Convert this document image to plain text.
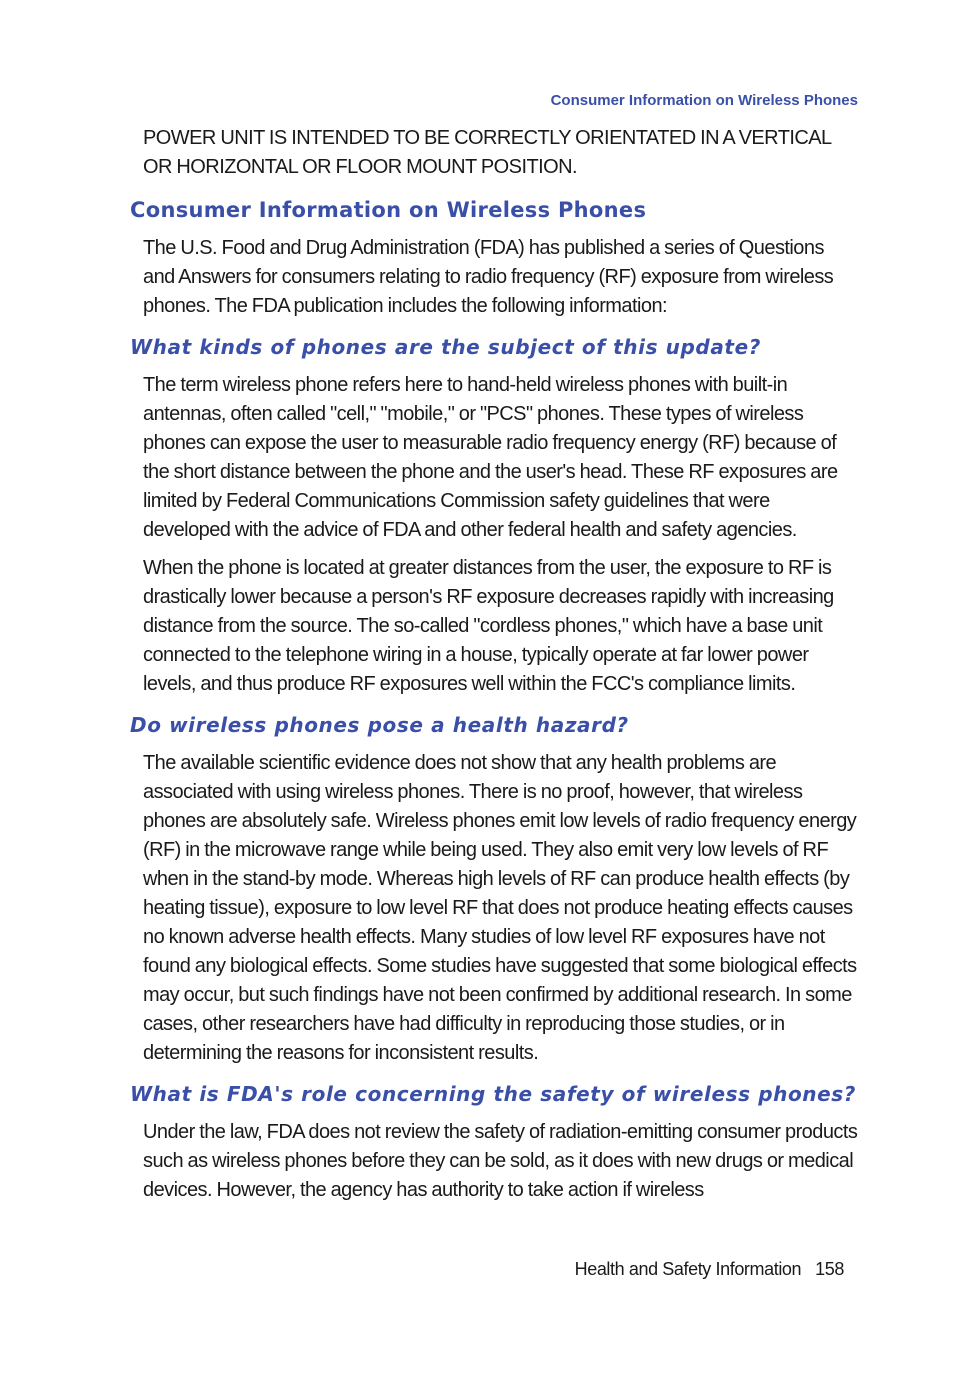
Consumer Information on Wireless Phones

POWER UNIT IS INTENDED TO BE CORRECTLY ORIENTATED IN A VERTICAL OR HORIZONTAL OR FLOOR MOUNT POSITION.

Consumer Information on Wireless Phones

The U.S. Food and Drug Administration (FDA) has published a series of Questions and Answers for consumers relating to radio frequency (RF) exposure from wireless phones. The FDA publication includes the following information:

What kinds of phones are the subject of this update?

The term wireless phone refers here to hand-held wireless phones with built-in antennas, often called "cell," "mobile," or "PCS" phones. These types of wireless phones can expose the user to measurable radio frequency energy (RF) because of the short distance between the phone and the user's head. These RF exposures are limited by Federal Communications Commission safety guidelines that were developed with the advice of FDA and other federal health and safety agencies.

When the phone is located at greater distances from the user, the exposure to RF is drastically lower because a person's RF exposure decreases rapidly with increasing distance from the source. The so-called "cordless phones," which have a base unit connected to the telephone wiring in a house, typically operate at far lower power levels, and thus produce RF exposures well within the FCC's compliance limits.

Do wireless phones pose a health hazard?

The available scientific evidence does not show that any health problems are associated with using wireless phones. There is no proof, however, that wireless phones are absolutely safe. Wireless phones emit low levels of radio frequency energy (RF) in the microwave range while being used. They also emit very low levels of RF when in the stand-by mode. Whereas high levels of RF can produce health effects (by heating tissue), exposure to low level RF that does not produce heating effects causes no known adverse health effects. Many studies of low level RF exposures have not found any biological effects. Some studies have suggested that some biological effects may occur, but such findings have not been confirmed by additional research. In some cases, other researchers have had difficulty in reproducing those studies, or in determining the reasons for inconsistent results.

What is FDA's role concerning the safety of wireless phones?

Under the law, FDA does not review the safety of radiation-emitting consumer products such as wireless phones before they can be sold, as it does with new drugs or medical devices. However, the agency has authority to take action if wireless

Health and Safety Information 158
